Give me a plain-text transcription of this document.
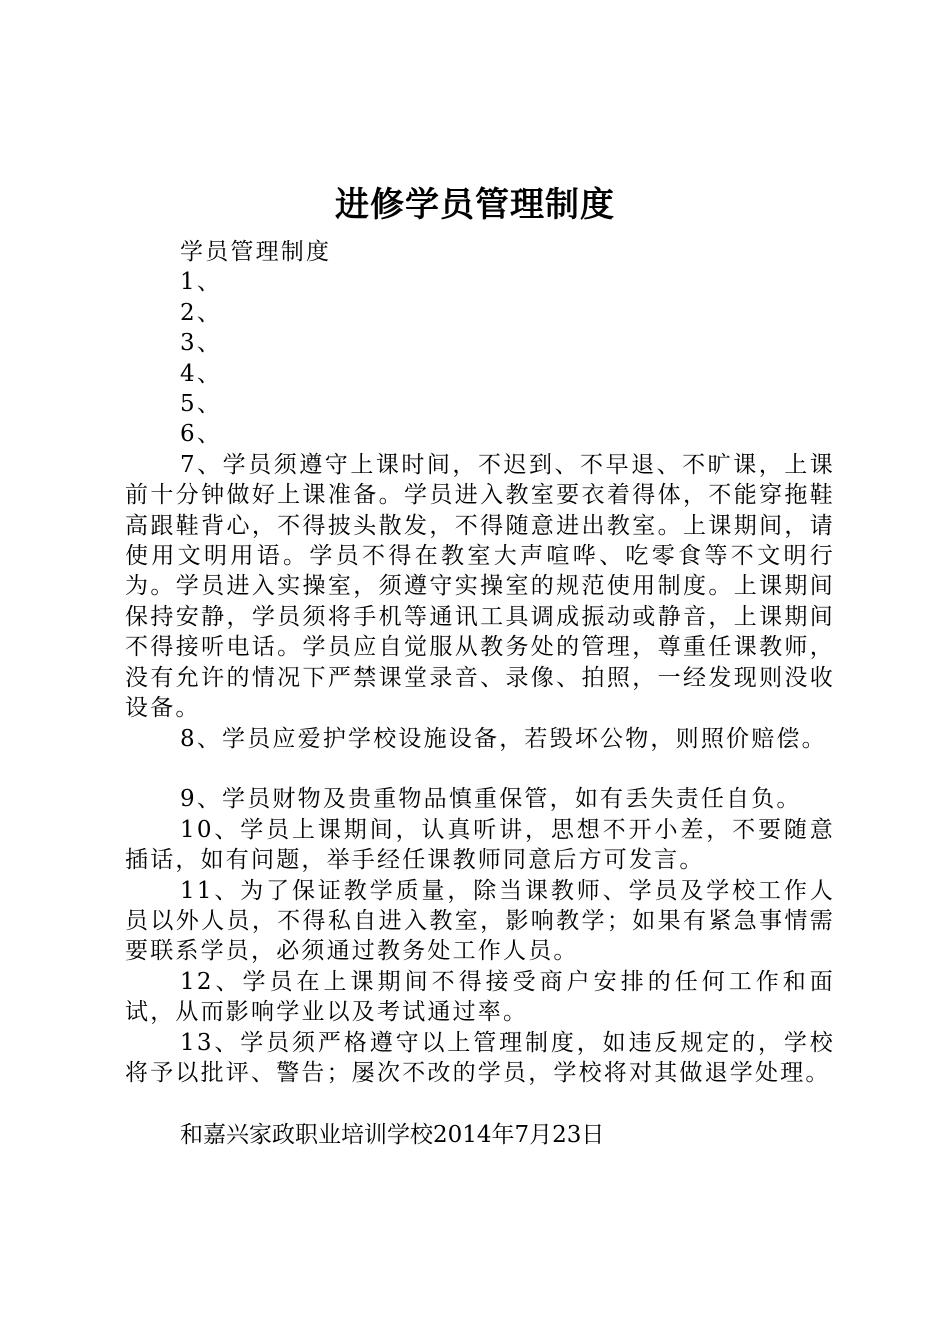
进修学员管理制度

学员管理制度

1、

2、

3、

4、

5、

6、

7、学员须遵守上课时间，不迟到、不早退、不旷课，上课前十分钟做好上课准备。学员进入教室要衣着得体，不能穿拖鞋高跟鞋背心，不得披头散发，不得随意进出教室。上课期间，请使用文明用语。学员不得在教室大声喧哗、吃零食等不文明行为。学员进入实操室，须遵守实操室的规范使用制度。上课期间保持安静，学员须将手机等通讯工具调成振动或静音，上课期间不得接听电话。学员应自觉服从教务处的管理，尊重任课教师，没有允许的情况下严禁课堂录音、录像、拍照，一经发现则没收设备。

8、学员应爱护学校设施设备，若毁坏公物，则照价赔偿。

9、学员财物及贵重物品慎重保管，如有丢失责任自负。

10、学员上课期间，认真听讲，思想不开小差，不要随意插话，如有问题，举手经任课教师同意后方可发言。

11、为了保证教学质量，除当课教师、学员及学校工作人员以外人员，不得私自进入教室，影响教学；如果有紧急事情需要联系学员，必须通过教务处工作人员。

12、学员在上课期间不得接受商户安排的任何工作和面试，从而影响学业以及考试通过率。

13、学员须严格遵守以上管理制度，如违反规定的，学校将予以批评、警告；屡次不改的学员，学校将对其做退学处理。

和嘉兴家政职业培训学校2014年7月23日
